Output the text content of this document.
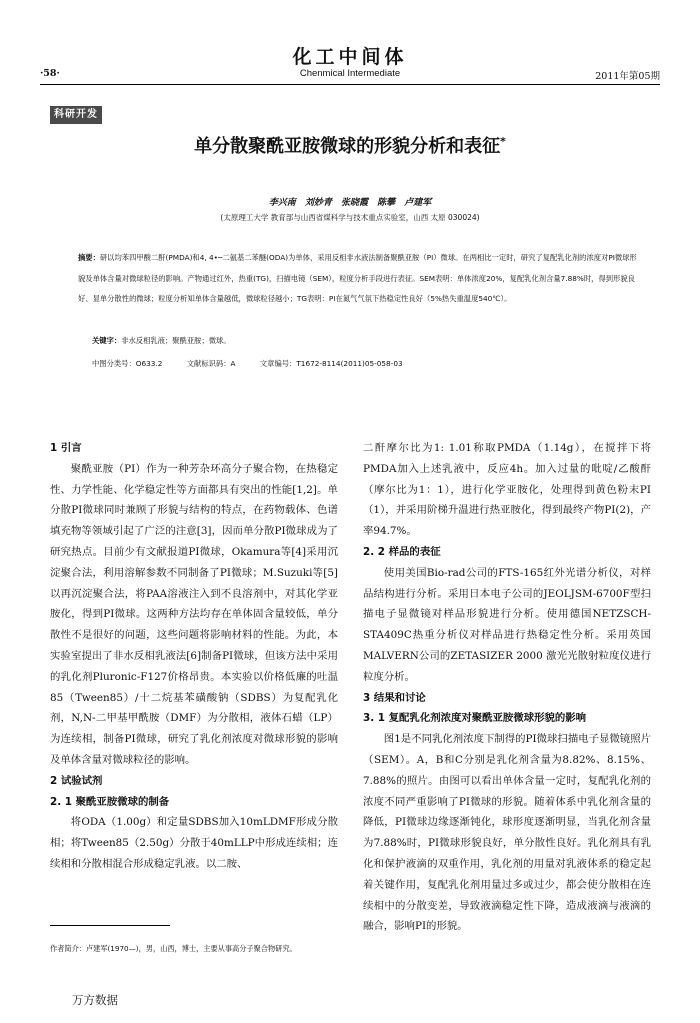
化工中间体
·58·	Chenmical Intermediate	2011年第05期
科研开发
单分散聚酰亚胺微球的形貌分析和表征*
李兴南 刘妙青 张晓霞 陈攀 卢建军
(太原理工大学 教育部与山西省煤科学与技术重点实验室，山西 太原 030024)
摘要：研以均苯四甲酸二酐(PMDA)和4, 4•─二氨基二苯醚(ODA)为单体，采用反相非水液法制备聚酰亚胺（PI）微球。在两相比一定时，研究了复配乳化剂的浓度对PI微球形貌及单体含量对微球粒径的影响。产物通过红外，热重(TG)，扫描电镜（SEM），粒度分析手段进行表征。SEM表明：单体浓度20%，复配乳化剂含量7.88%时，得到形貌良好、显单分散性的微球；粒度分析知单体含量越低，微球粒径越小；TG表明：PI在氮气气氛下热稳定性良好（5%热失重温度540℃）。
关键字：非水反相乳液；聚酰亚胺；微球。
中图分类号：O633.2	文献标识码：A	文章编号：T1672-8114(2011)05-058-03
1 引言

聚酰亚胺（PI）作为一种芳杂环高分子聚合物，在热稳定性、力学性能、化学稳定性等方面都具有突出的性能[1,2]。单分散PI微球同时兼顾了形貌与结构的特点，在药物载体、色谱填充物等领域引起了广泛的注意[3]，因而单分散PI微球成为了研究热点。目前少有文献报道PI微球，Okamura等[4]采用沉淀聚合法，利用溶解参数不同制备了PI微球；M.Suzuki等[5]以再沉淀聚合法，将PAA溶液注入到不良溶剂中，对其化学亚胺化，得到PI微球。这两种方法均存在单体固含量较低，单分散性不是很好的问题，这些问题将影响材料的性能。为此，本实验室提出了非水反相乳液法[6]制备PI微球，但该方法中采用的乳化剂Pluronic-F127价格昂贵。本实验以价格低廉的吐温85（Tween85）/十二烷基苯磺酸钠（SDBS）为复配乳化剂，N,N-二甲基甲酰胺（DMF）为分散相，液体石蜡（LP）为连续相，制备PI微球，研究了乳化剂浓度对微球形貌的影响及单体含量对微球粒径的影响。

2 试验试剂
2. 1 聚酰亚胺微球的制备

将ODA（1.00g）和定量SDBS加入10mLDMF形成分散相；将Tween85（2.50g）分散于40mLLP中形成连续相；连续相和分散相混合形成稳定乳液。以二胺、

二酐摩尔比为1: 1.01称取PMDA（1.14g），在搅拌下将PMDA加入上述乳液中，反应4h。加入过量的吡啶/乙酸酐（摩尔比为1：1），进行化学亚胺化，处理得到黄色粉末PI（1），并采用阶梯升温进行热亚胺化，得到最终产物PI(2)，产率94.7%。

2. 2 样品的表征

使用美国Bio-rad公司的FTS-165红外光谱分析仪，对样品结构进行分析。采用日本电子公司的JEOLJSM-6700F型扫描电子显微镜对样品形貌进行分析。使用德国NETZSCH-STA409C热重分析仪对样品进行热稳定性分析。采用英国MALVERN公司的ZETASIZER 2000 激光光散射粒度仪进行粒度分析。

3 结果和讨论
3. 1 复配乳化剂浓度对聚酰亚胺微球形貌的影响

图1是不同乳化剂浓度下制得的PI微球扫描电子显微镜照片（SEM）。A，B和C分别是乳化剂含量为8.82%、8.15%、7.88%的照片。由图可以看出单体含量一定时，复配乳化剂的浓度不同严重影响了PI微球的形貌。随着体系中乳化剂含量的降低，PI微球边缘逐渐钝化，球形度逐渐明显，当乳化剂含量为7.88%时，PI微球形貌良好，单分散性良好。乳化剂具有乳化和保护液滴的双重作用，乳化剂的用量对乳液体系的稳定起着关键作用，复配乳化剂用量过多或过少，都会使分散相在连续相中的分散变差，导致液滴稳定性下降，造成液滴与液滴的融合，影响PI的形貌。

作者简介：卢建军(1970—)，男，山西，博士，主要从事高分子聚合物研究。
万方数据
